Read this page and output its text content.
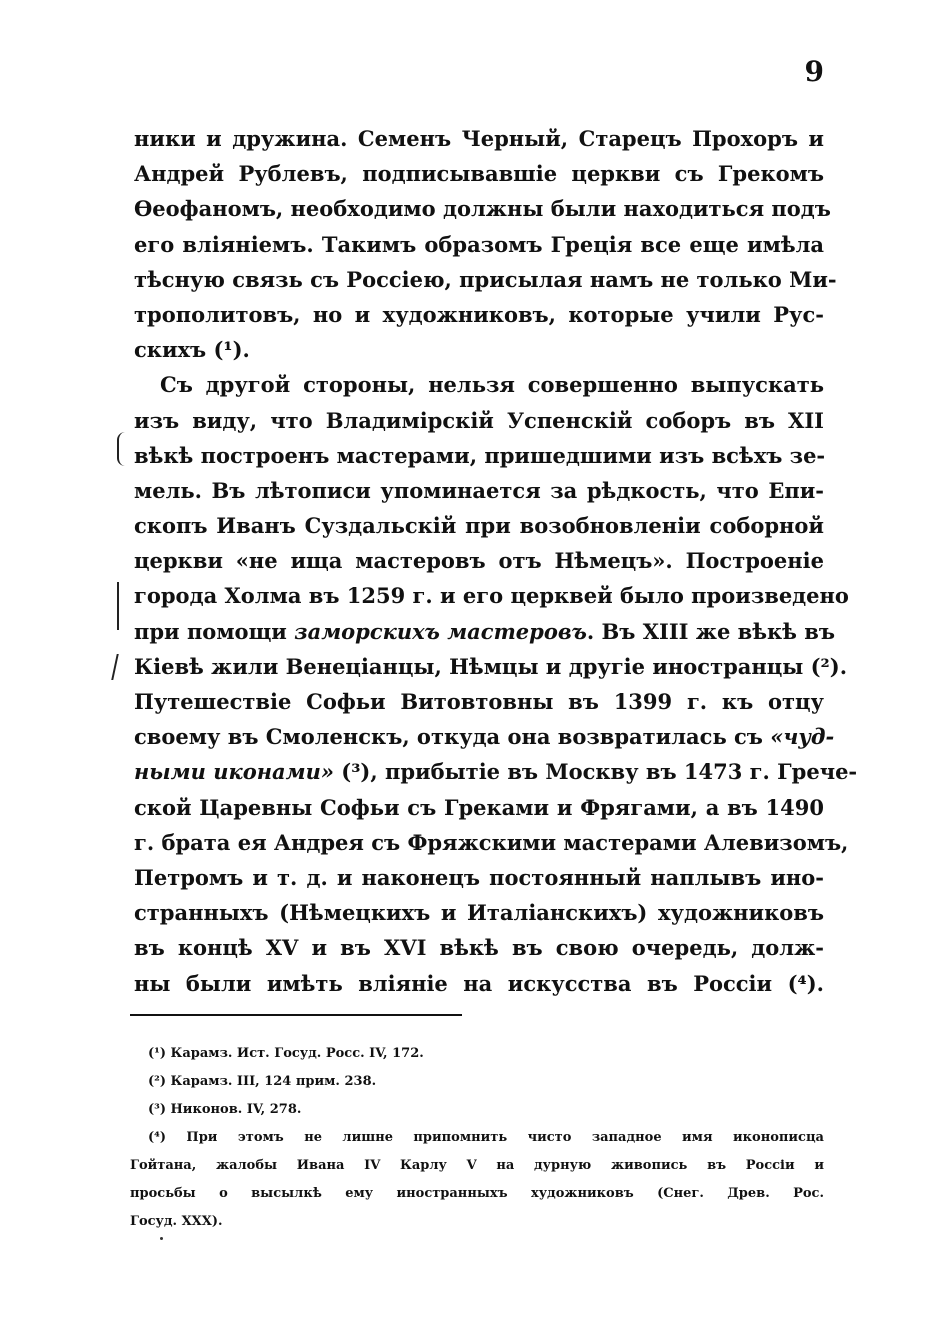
9
ники и дружина. Семенъ Черный, Старецъ Прохоръ и
Андрей Рублевъ, подписывавшіе церкви съ Грекомъ
Ѳеофаномъ, необходимо должны были находиться подъ
его вліяніемъ. Такимъ образомъ Греція все еще имѣла
тѣсную связь съ Россіею, присылая намъ не только Ми-
трополитовъ, но и художниковъ, которые учили Рус-
скихъ (¹).
Съ другой стороны, нельзя совершенно выпускать
изъ виду, что Владимірскій Успенскій соборъ въ XII
вѣкѣ построенъ мастерами, пришедшими изъ всѣхъ зе-
мель. Въ лѣтописи упоминается за рѣдкость, что Епи-
скопъ Иванъ Суздальскій при возобновленіи соборной
церкви «не ища мастеровъ отъ Нѣмецъ». Построеніе
города Холма въ 1259 г. и его церквей было произведено
при помощи заморскихъ мастеровъ. Въ XIII же вѣкѣ въ
Кіевѣ жили Венеціанцы, Нѣмцы и другіе иностранцы (²).
Путешествіе Софьи Витовтовны въ 1399 г. къ отцу
своему въ Смоленскъ, откуда она возвратилась съ «чуд-
ными иконами» (³), прибытіе въ Москву въ 1473 г. Грече-
ской Царевны Софьи съ Греками и Фрягами, а въ 1490
г. брата ея Андрея съ Фряжскими мастерами Алевизомъ,
Петромъ и т. д. и наконецъ постоянный наплывъ ино-
странныхъ (Нѣмецкихъ и Италіанскихъ) художниковъ
въ концѣ XV и въ XVI вѣкѣ въ свою очередь, долж-
ны были имѣть вліяніе на искусства въ Россіи (⁴).
(¹) Карамз. Ист. Госуд. Росс. IV, 172.
(²) Карамз. III, 124 прим. 238.
(³) Никонов. IV, 278.
(⁴) При этомъ не лишне припомнить чисто западное имя иконописца
Гойтана, жалобы Ивана IV Карлу V на дурную живопись въ Россіи и
просьбы о высылкѣ ему иностранныхъ художниковъ (Снег. Древ. Рос.
Госуд. XXX).
